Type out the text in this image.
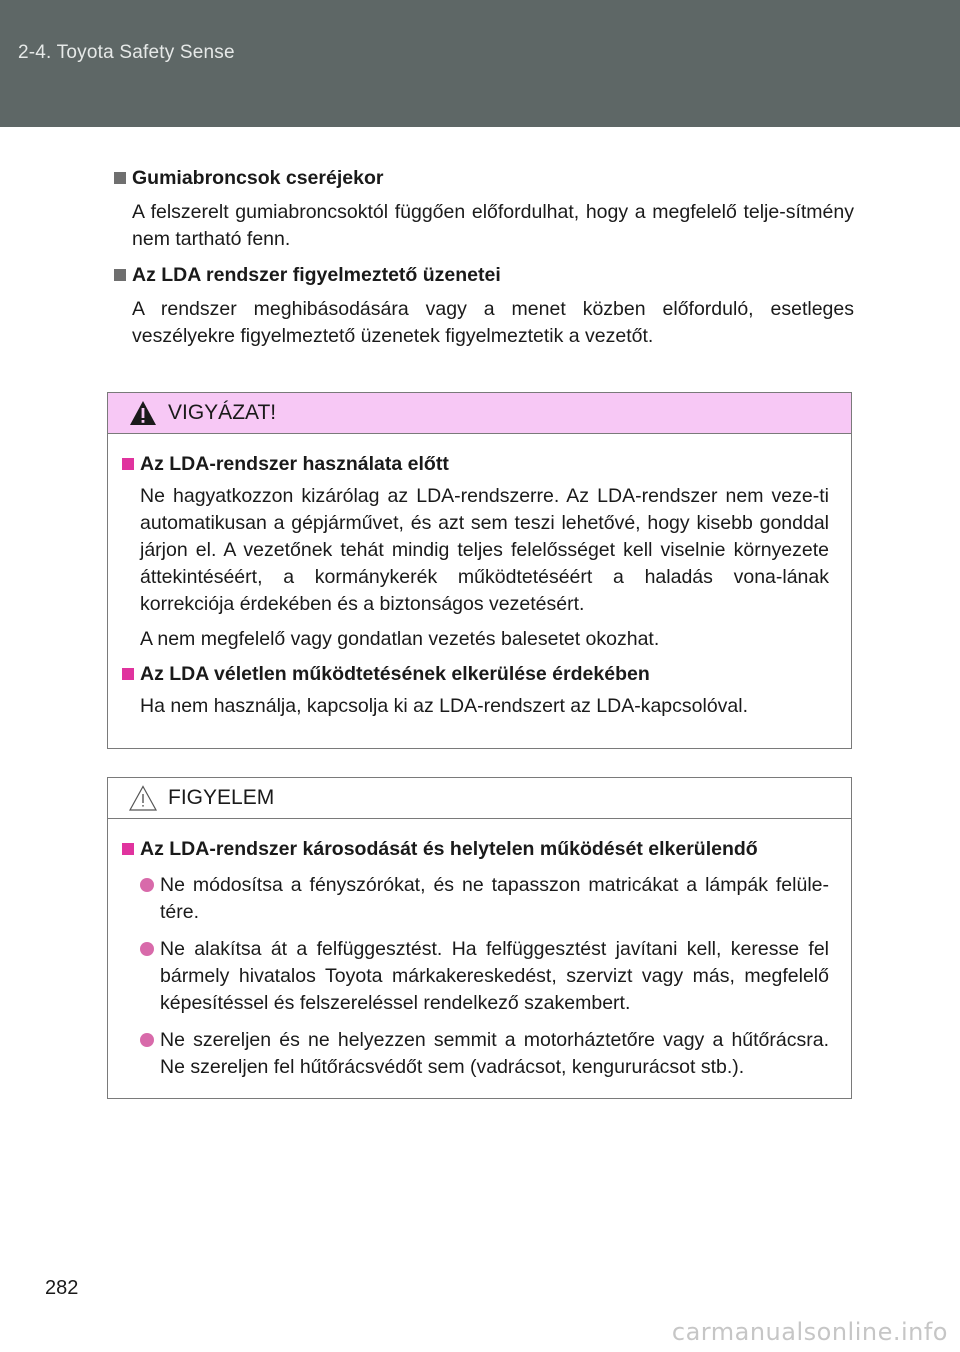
2-4. Toyota Safety Sense
Gumiabroncsok cseréjekor
A felszerelt gumiabroncsoktól függően előfordulhat, hogy a megfelelő telje-sítmény nem tartható fenn.
Az LDA rendszer figyelmeztető üzenetei
A rendszer meghibásodására vagy a menet közben előforduló, esetleges veszélyekre figyelmeztető üzenetek figyelmeztetik a vezetőt.
VIGYÁZAT!
Az LDA-rendszer használata előtt
Ne hagyatkozzon kizárólag az LDA-rendszerre. Az LDA-rendszer nem veze-ti automatikusan a gépjárművet, és azt sem teszi lehetővé, hogy kisebb gonddal járjon el. A vezetőnek tehát mindig teljes felelősséget kell viselnie környezete áttekintéséért, a kormánykerék működtetéséért a haladás vona-lának korrekciója érdekében és a biztonságos vezetésért.
A nem megfelelő vagy gondatlan vezetés balesetet okozhat.
Az LDA véletlen működtetésének elkerülése érdekében
Ha nem használja, kapcsolja ki az LDA-rendszert az LDA-kapcsolóval.
FIGYELEM
Az LDA-rendszer károsodását és helytelen működését elkerülendő
Ne módosítsa a fényszórókat, és ne tapasszon matricákat a lámpák felüle-tére.
Ne alakítsa át a felfüggesztést. Ha felfüggesztést javítani kell, keresse fel bármely hivatalos Toyota márkakereskedést, szervizt vagy más, megfelelő képesítéssel és felszereléssel rendelkező szakembert.
Ne szereljen és ne helyezzen semmit a motorháztetőre vagy a hűtőrácsra. Ne szereljen fel hűtőrácsvédőt sem (vadrácsot, kengururácsot stb.).
282
carmanualsonline.info
